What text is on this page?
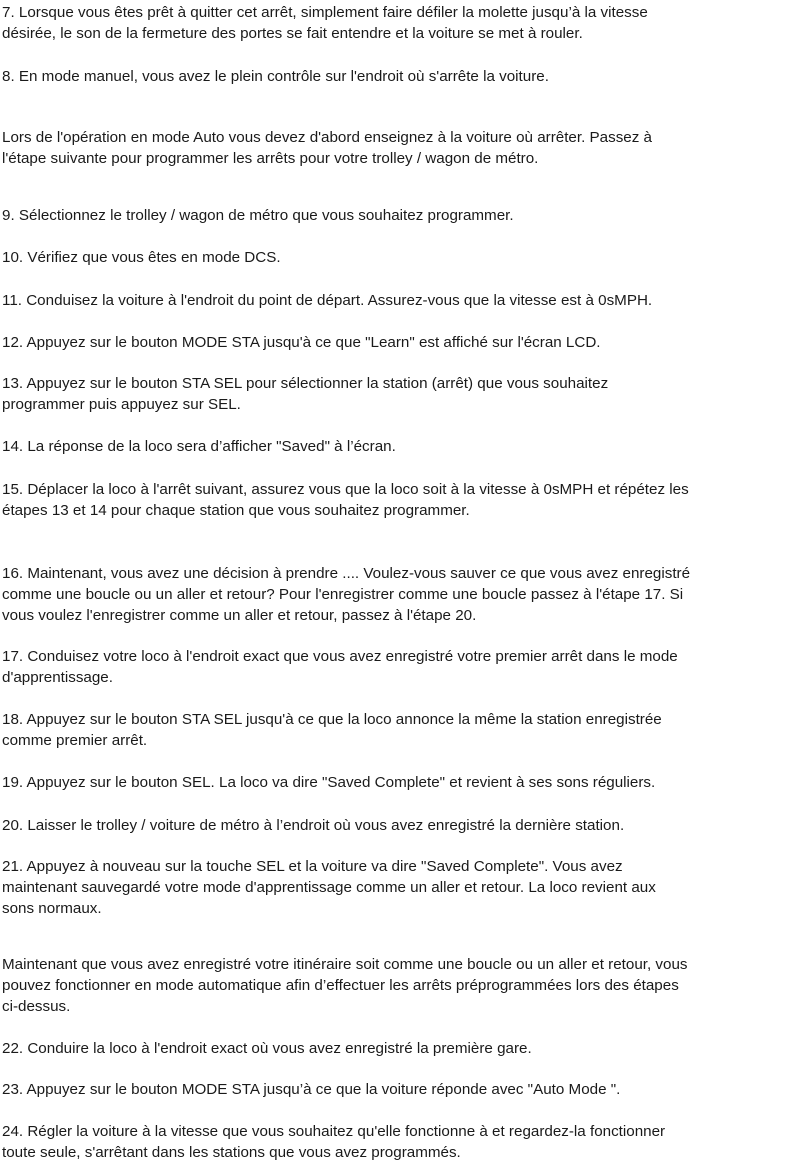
7. Lorsque vous êtes prêt à quitter cet arrêt, simplement faire défiler la molette jusqu’à la vitesse
désirée, le son de la fermeture des portes se fait entendre et la voiture se met à rouler.

8. En mode manuel, vous avez le plein contrôle sur l'endroit où s'arrête la voiture.

Lors de l'opération en mode Auto vous devez d'abord enseignez à la voiture où arrêter. Passez à
l'étape suivante pour programmer les arrêts pour votre trolley / wagon de métro.

9. Sélectionnez le trolley / wagon de métro que vous souhaitez programmer.

10. Vérifiez que vous êtes en mode DCS.

11. Conduisez la voiture à l'endroit du point de départ. Assurez-vous que la vitesse est à 0sMPH.

12. Appuyez sur le bouton MODE STA jusqu'à ce que "Learn" est affiché sur l'écran LCD.

13. Appuyez sur le bouton STA SEL pour sélectionner la station (arrêt) que vous souhaitez
programmer puis appuyez sur SEL.

14. La réponse de la loco sera d’afficher "Saved" à l’écran.

15. Déplacer la loco à l'arrêt suivant, assurez vous que la loco soit à la vitesse à 0sMPH et répétez les
étapes 13 et 14 pour chaque station que vous souhaitez programmer.

16. Maintenant, vous avez une décision à prendre .... Voulez-vous sauver ce que vous avez enregistré
comme une boucle ou un aller et retour? Pour l'enregistrer comme une boucle passez à l'étape 17. Si
vous voulez l'enregistrer comme un aller et retour, passez à l'étape 20.

17. Conduisez votre loco à l'endroit exact que vous avez enregistré votre premier arrêt dans le mode
d'apprentissage.

18. Appuyez sur le bouton STA SEL jusqu'à ce que la loco annonce la même la station enregistrée
comme premier arrêt.

19. Appuyez sur le bouton SEL. La loco va dire "Saved Complete" et revient à ses sons réguliers.

20. Laisser le trolley / voiture de métro à l’endroit où vous avez enregistré la dernière station.

21. Appuyez à nouveau sur la touche SEL et la voiture va dire "Saved Complete". Vous avez
maintenant sauvegardé votre mode d'apprentissage comme un aller et retour. La loco revient aux
sons normaux.

Maintenant que vous avez enregistré votre itinéraire soit comme une boucle ou un aller et retour, vous
pouvez fonctionner en mode automatique afin d’effectuer les arrêts préprogrammées lors des étapes
ci-dessus.

22. Conduire la loco à l'endroit exact où vous avez enregistré la première gare.

23. Appuyez sur le bouton MODE STA jusqu’à ce que la voiture réponde avec "Auto Mode ".

24. Régler la voiture à la vitesse que vous souhaitez qu'elle fonctionne à et regardez-la fonctionner
toute seule, s'arrêtant dans les stations que vous avez programmés.
